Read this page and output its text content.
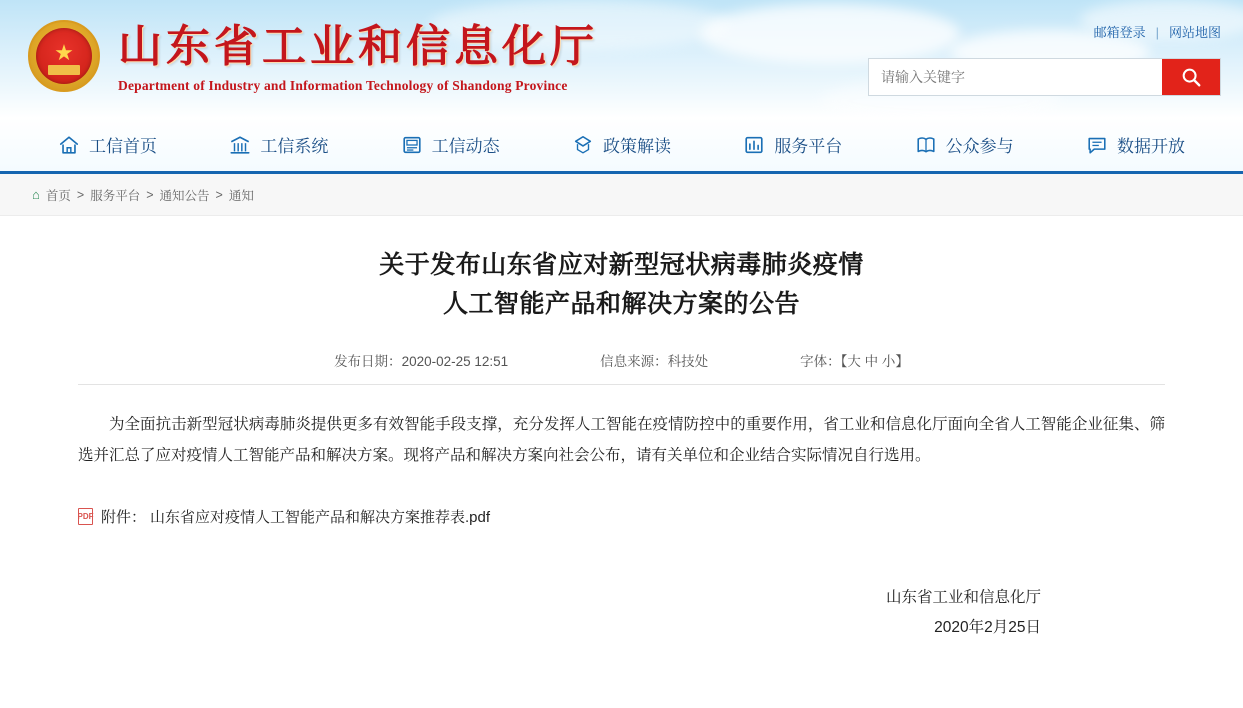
★ 山东省工业和信息化厅
Department of Industry and Information Technology of Shandong Province
邮箱登录 | 网站地图
请输入关键字
工信首页	工信系统	工信动态	政策解读	服务平台	公众参与	数据开放
⌂ 首页 > 服务平台 > 通知公告 > 通知
关于发布山东省应对新型冠状病毒肺炎疫情
人工智能产品和解决方案的公告
发布日期：2020-02-25 12:51	信息来源：科技处	字体：【大 中 小】

为全面抗击新型冠状病毒肺炎提供更多有效智能手段支撑，充分发挥人工智能在疫情防控中的重要作用，省工业和信息化厅面向全省人工智能企业征集、筛选并汇总了应对疫情人工智能产品和解决方案。现将产品和解决方案向社会公布，请有关单位和企业结合实际情况自行选用。

PDF 附件： 山东省应对疫情人工智能产品和解决方案推荐表.pdf
山东省工业和信息化厅
2020年2月25日
